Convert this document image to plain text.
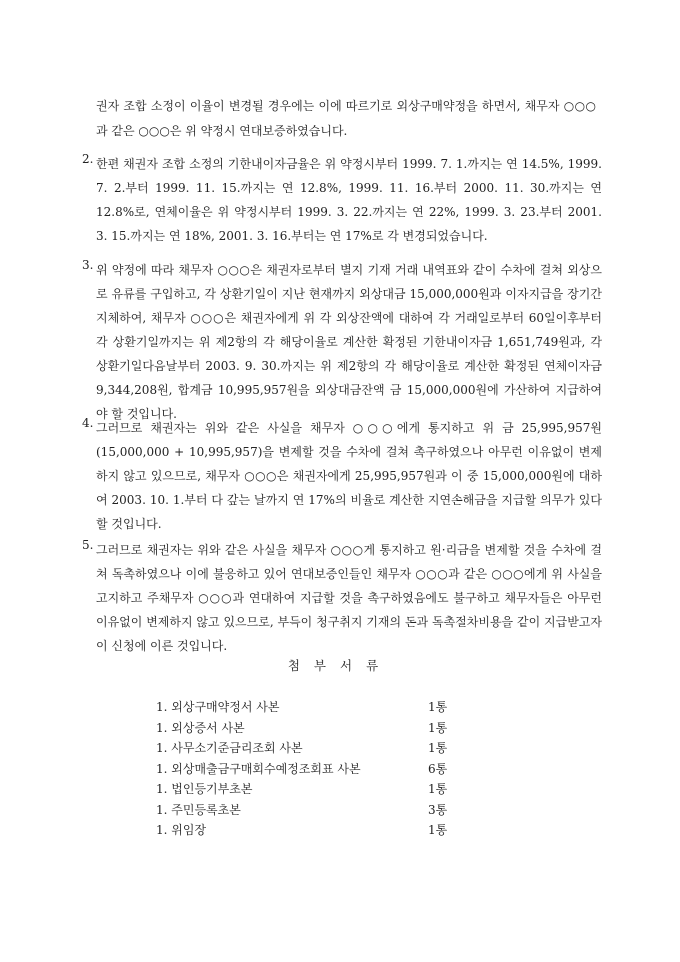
권자 조합 소정이 이율이 변경될 경우에는 이에 따르기로 외상구매약정을 하면서, 채무자 ○○○과 같은 ○○○은 위 약정시 연대보증하였습니다.
2. 한편 채권자 조합 소정의 기한내이자금율은 위 약정시부터 1999. 7. 1.까지는 연 14.5%, 1999. 7. 2.부터 1999. 11. 15.까지는 연 12.8%, 1999. 11. 16.부터 2000. 11. 30.까지는 연 12.8%로, 연체이율은 위 약정시부터 1999. 3. 22.까지는 연 22%, 1999. 3. 23.부터 2001. 3. 15.까지는 연 18%, 2001. 3. 16.부터는 연 17%로 각 변경되었습니다.
3. 위 약정에 따라 채무자 ○○○은 채권자로부터 별지 기재 거래 내역표와 같이 수차에 걸쳐 외상으로 유류를 구입하고, 각 상환기일이 지난 현재까지 외상대금 15,000,000원과 이자지급을 장기간 지체하여, 채무자 ○○○은 채권자에게 위 각 외상잔액에 대하여 각 거래일로부터 60일이후부터 각 상환기일까지는 위 제2항의 각 해당이율로 계산한 확정된 기한내이자금 1,651,749원과, 각 상환기일다음날부터 2003. 9. 30.까지는 위 제2항의 각 해당이율로 계산한 확정된 연체이자금 9,344,208원, 합계금 10,995,957원을 외상대금잔액 금 15,000,000원에 가산하여 지급하여야 할 것입니다.
4. 그러므로 채권자는 위와 같은 사실을 채무자 ○○○에게 통지하고 위 금 25,995,957원(15,000,000 + 10,995,957)을 변제할 것을 수차에 걸쳐 촉구하였으나 아무런 이유없이 변제하지 않고 있으므로, 채무자 ○○○은 채권자에게 25,995,957원과 이 중 15,000,000원에 대하여 2003. 10. 1.부터 다 갚는 날까지 연 17%의 비율로 계산한 지연손해금을 지급할 의무가 있다 할 것입니다.
5. 그러므로 채권자는 위와 같은 사실을 채무자 ○○○게 통지하고 원·리금을 변제할 것을 수차에 걸쳐 독촉하였으나 이에 불응하고 있어 연대보증인들인 채무자 ○○○과 같은 ○○○에게 위 사실을 고지하고 주채무자 ○○○과 연대하여 지급할 것을 촉구하였음에도 불구하고 채무자들은 아무런 이유없이 변제하지 않고 있으므로, 부득이 청구취지 기재의 돈과 독촉절차비용을 같이 지급받고자 이 신청에 이른 것입니다.
첨부서류
1. 외상구매약정서 사본	1통
1. 외상증서 사본	1통
1. 사무소기준금리조회 사본	1통
1. 외상매출금구매회수예정조회표 사본	6통
1. 법인등기부초본	1통
1. 주민등록초본	3통
1. 위임장	1통
